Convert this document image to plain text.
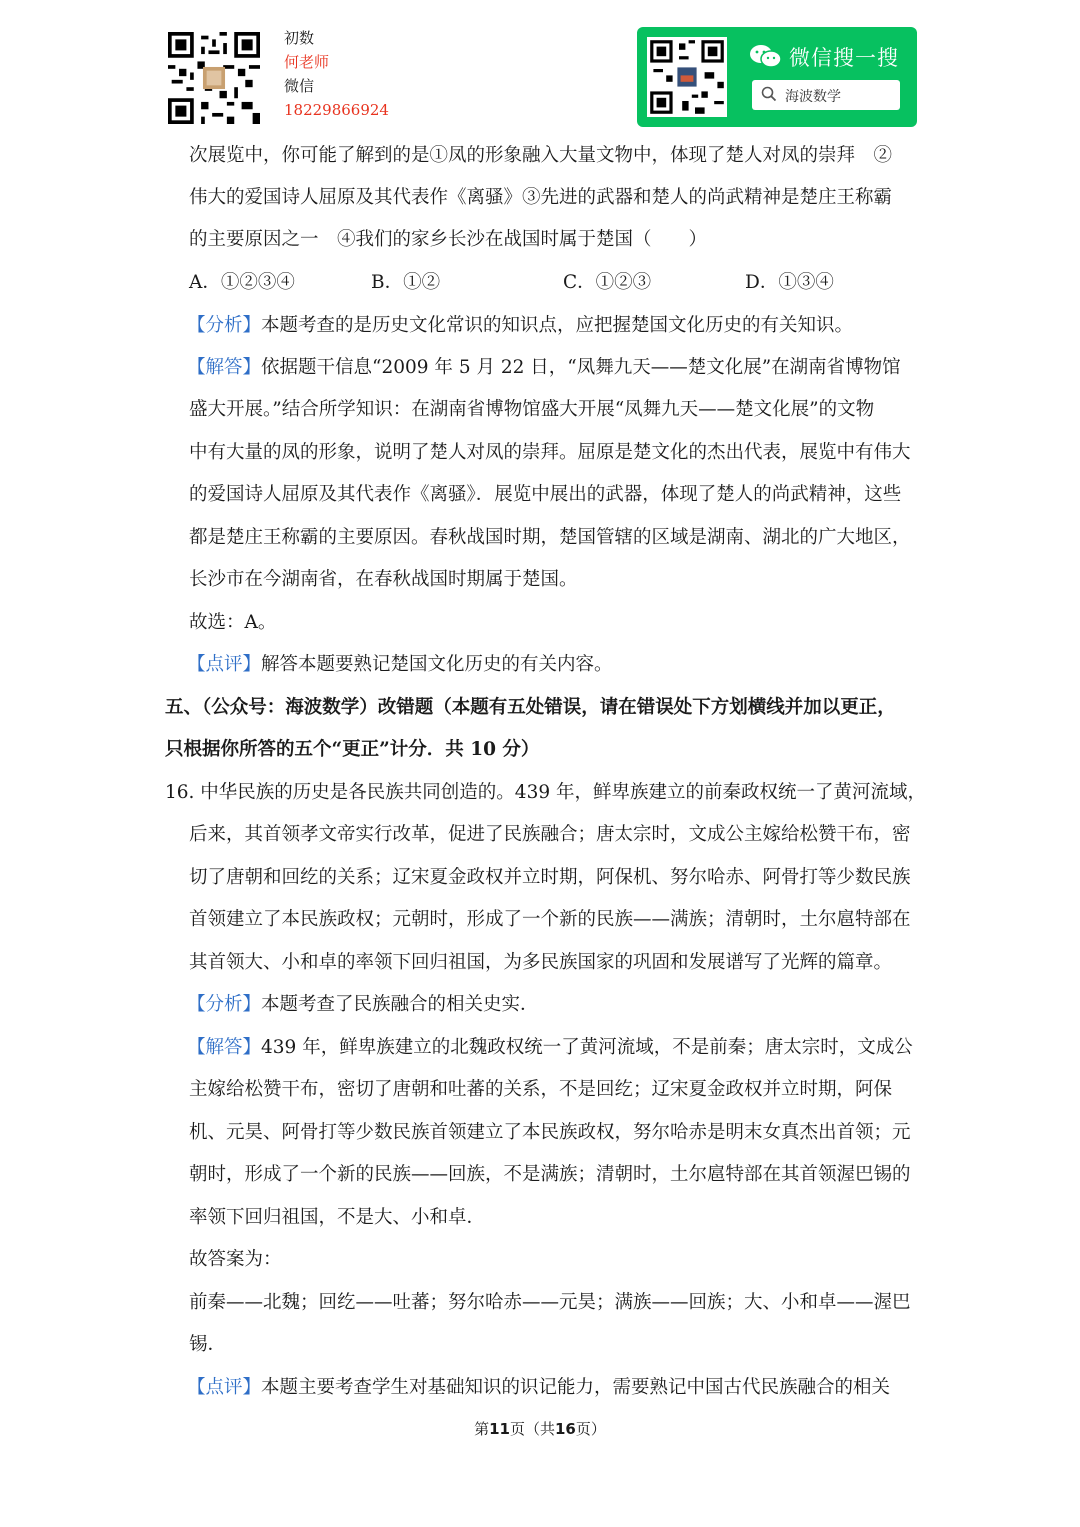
初数
何老师
微信
18229866924
微信搜一搜
海波数学
次展览中，你可能了解到的是①凤的形象融入大量文物中，体现了楚人对凤的崇拜　②
伟大的爱国诗人屈原及其代表作《离骚》③先进的武器和楚人的尚武精神是楚庄王称霸
的主要原因之一　④我们的家乡长沙在战国时属于楚国（　　）
A．①②③④	B．①②	C．①②③	D．①③④
【分析】本题考查的是历史文化常识的知识点，应把握楚国文化历史的有关知识。
【解答】依据题干信息“2009 年 5 月 22 日，“凤舞九天——楚文化展”在湖南省博物馆
盛大开展。”结合所学知识：在湖南省博物馆盛大开展“凤舞九天——楚文化展”的文物
中有大量的凤的形象，说明了楚人对凤的崇拜。屈原是楚文化的杰出代表，展览中有伟大
的爱国诗人屈原及其代表作《离骚》．展览中展出的武器，体现了楚人的尚武精神，这些
都是楚庄王称霸的主要原因。春秋战国时期，楚国管辖的区域是湖南、湖北的广大地区，
长沙市在今湖南省，在春秋战国时期属于楚国。
故选：A。
【点评】解答本题要熟记楚国文化历史的有关内容。
五、（公众号：海波数学）改错题（本题有五处错误，请在错误处下方划横线并加以更正，
只根据你所答的五个“更正”计分．共 10 分）
16. 中华民族的历史是各民族共同创造的。439 年，鲜卑族建立的前秦政权统一了黄河流域，
后来，其首领孝文帝实行改革，促进了民族融合；唐太宗时，文成公主嫁给松赞干布，密
切了唐朝和回纥的关系；辽宋夏金政权并立时期，阿保机、努尔哈赤、阿骨打等少数民族
首领建立了本民族政权；元朝时，形成了一个新的民族——满族；清朝时，土尔扈特部在
其首领大、小和卓的率领下回归祖国，为多民族国家的巩固和发展谱写了光辉的篇章。
【分析】本题考查了民族融合的相关史实．
【解答】439 年，鲜卑族建立的北魏政权统一了黄河流域，不是前秦；唐太宗时，文成公
主嫁给松赞干布，密切了唐朝和吐蕃的关系，不是回纥；辽宋夏金政权并立时期，阿保
机、元昊、阿骨打等少数民族首领建立了本民族政权，努尔哈赤是明末女真杰出首领；元
朝时，形成了一个新的民族——回族，不是满族；清朝时，土尔扈特部在其首领渥巴锡的
率领下回归祖国，不是大、小和卓．
故答案为：
前秦——北魏；回纥——吐蕃；努尔哈赤——元昊；满族——回族；大、小和卓——渥巴
锡．
【点评】本题主要考查学生对基础知识的识记能力，需要熟记中国古代民族融合的相关
第11页（共16页）
